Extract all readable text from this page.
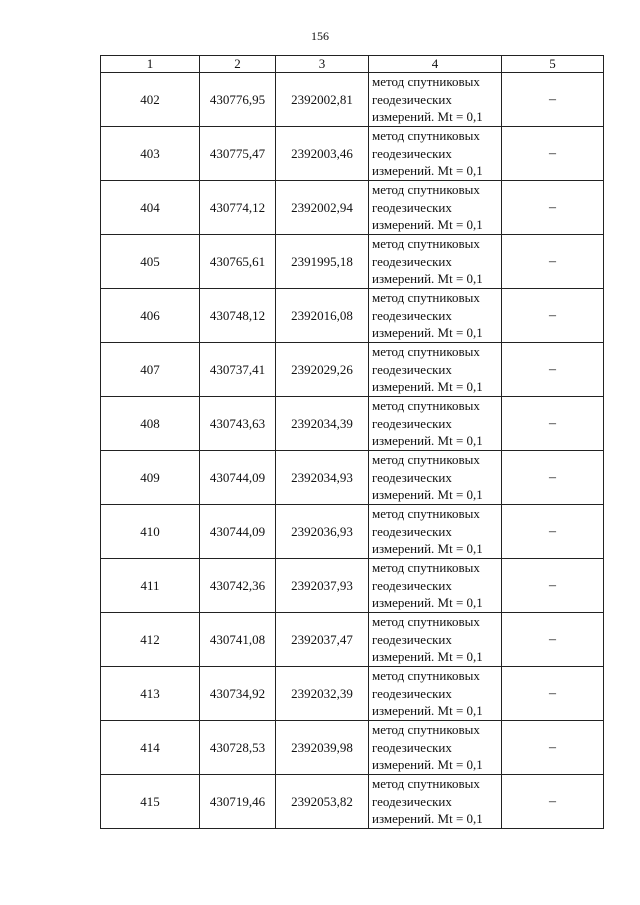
156
1	2	3	4	5
402	430776,95	2392002,81	метод спутниковых
геодезических
измерений. Mt = 0,1	–
403	430775,47	2392003,46	метод спутниковых
геодезических
измерений. Mt = 0,1	–
404	430774,12	2392002,94	метод спутниковых
геодезических
измерений. Mt = 0,1	–
405	430765,61	2391995,18	метод спутниковых
геодезических
измерений. Mt = 0,1	–
406	430748,12	2392016,08	метод спутниковых
геодезических
измерений. Mt = 0,1	–
407	430737,41	2392029,26	метод спутниковых
геодезических
измерений. Mt = 0,1	–
408	430743,63	2392034,39	метод спутниковых
геодезических
измерений. Mt = 0,1	–
409	430744,09	2392034,93	метод спутниковых
геодезических
измерений. Mt = 0,1	–
410	430744,09	2392036,93	метод спутниковых
геодезических
измерений. Mt = 0,1	–
411	430742,36	2392037,93	метод спутниковых
геодезических
измерений. Mt = 0,1	–
412	430741,08	2392037,47	метод спутниковых
геодезических
измерений. Mt = 0,1	–
413	430734,92	2392032,39	метод спутниковых
геодезических
измерений. Mt = 0,1	–
414	430728,53	2392039,98	метод спутниковых
геодезических
измерений. Mt = 0,1	–
415	430719,46	2392053,82	метод спутниковых
геодезических
измерений. Mt = 0,1	–
